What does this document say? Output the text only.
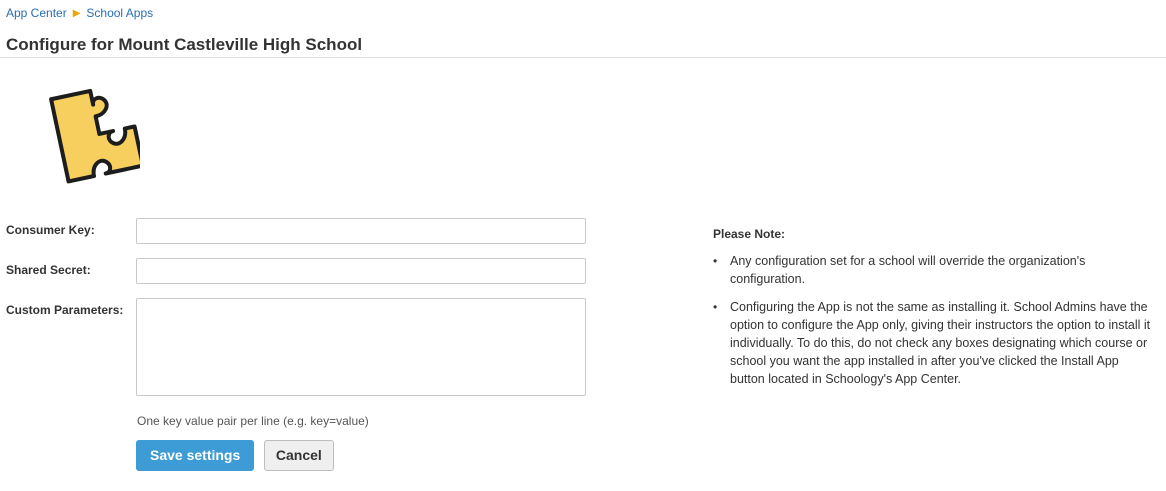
App Center ▶ School Apps
Configure for Mount Castleville High School
Consumer Key:
Shared Secret:
Custom Parameters:
One key value pair per line (e.g. key=value)
Save settings	Cancel
Please Note:
• Any configuration set for a school will override the organization's configuration.
• Configuring the App is not the same as installing it. School Admins have the option to configure the App only, giving their instructors the option to install it individually. To do this, do not check any boxes designating which course or school you want the app installed in after you've clicked the Install App button located in Schoology's App Center.
